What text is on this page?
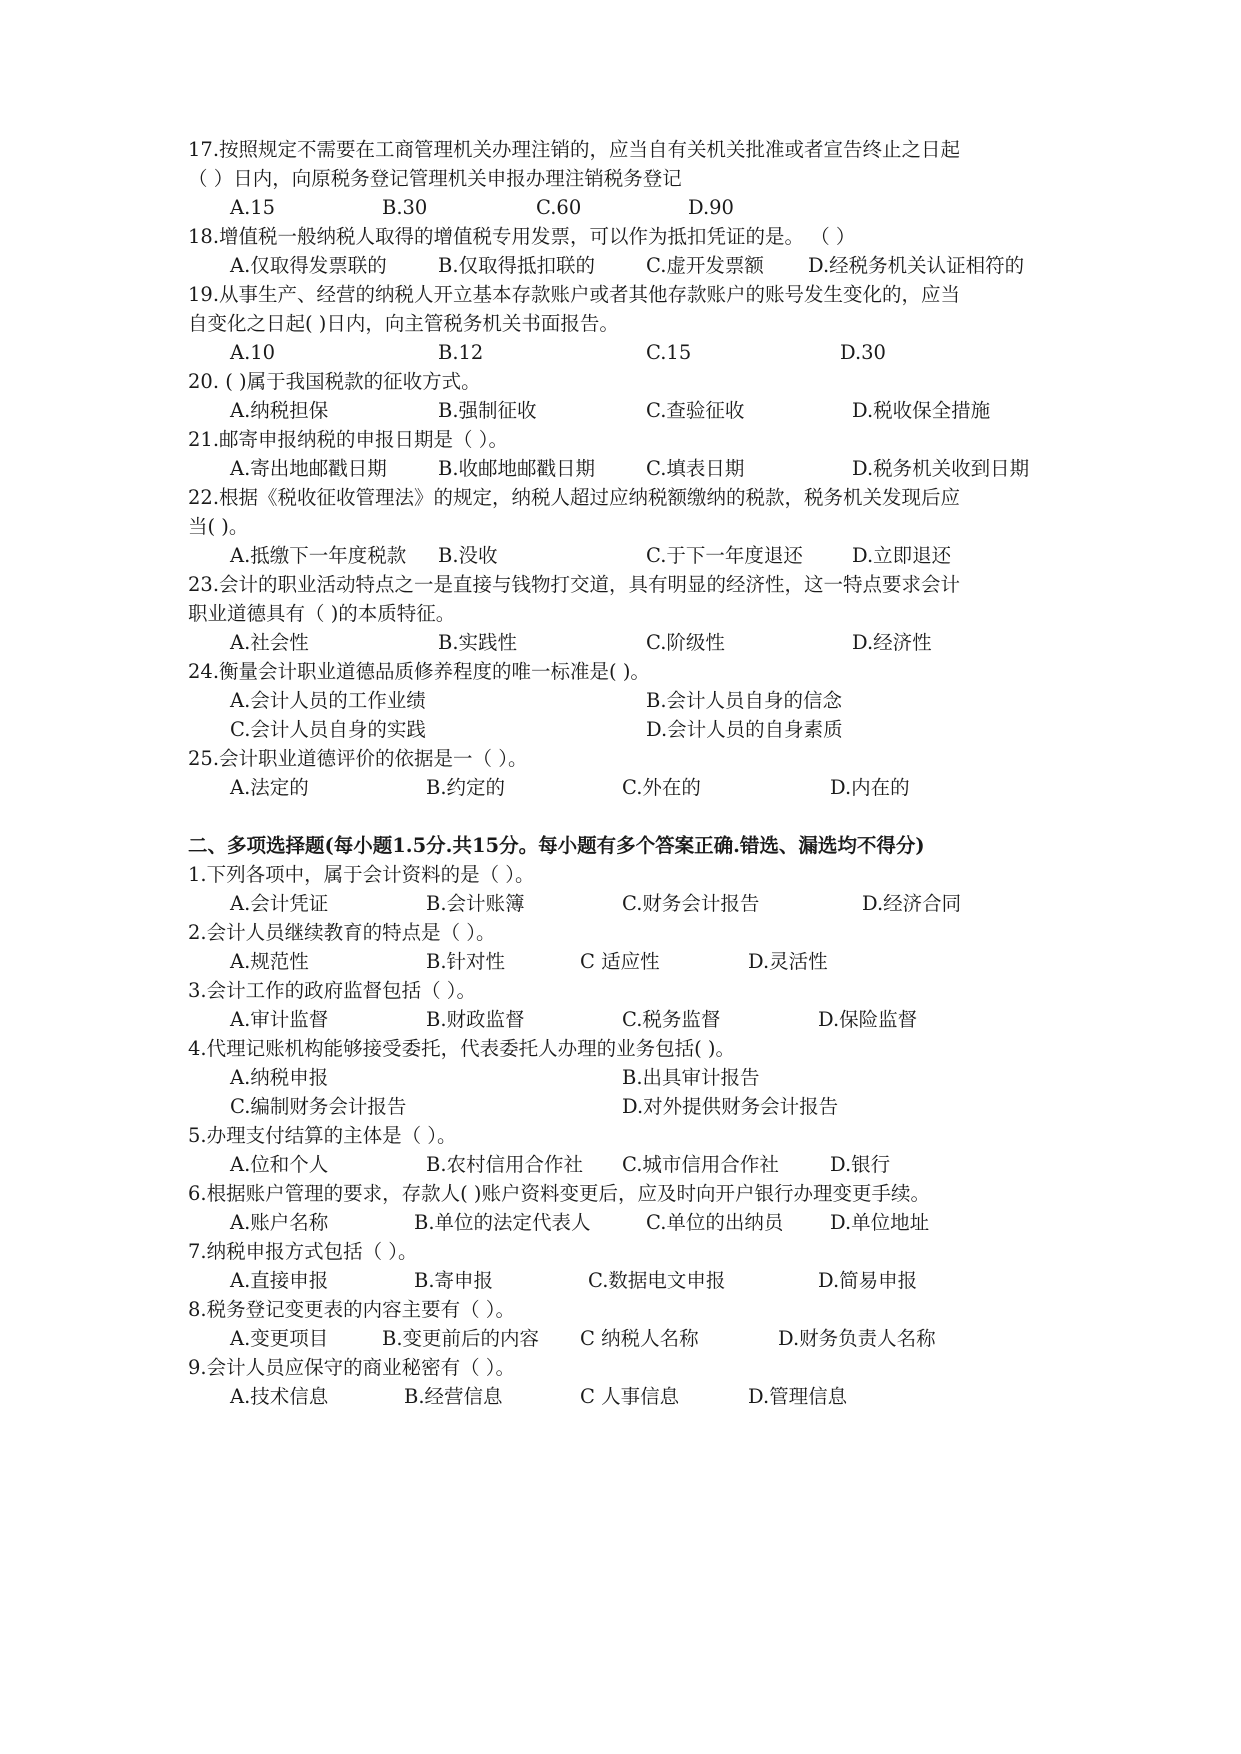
17.按照规定不需要在工商管理机关办理注销的，应当自有关机关批准或者宣告终止之日起
（ ）日内，向原税务登记管理机关申报办理注销税务登记
A.15	B.30	C.60	D.90
18.增值税一般纳税人取得的增值税专用发票，可以作为抵扣凭证的是。 （ ）
A.仅取得发票联的	B.仅取得抵扣联的	C.虚开发票额 D.经税务机关认证相符的
19.从事生产、经营的纳税人开立基本存款账户或者其他存款账户的账号发生变化的，应当
自变化之日起( )日内，向主管税务机关书面报告。
A.10	B.12	C.15	D.30
20. ( )属于我国税款的征收方式。
A.纳税担保	B.强制征收	C.查验征收	D.税收保全措施
21.邮寄申报纳税的申报日期是（ ）。
A.寄出地邮戳日期	B.收邮地邮戳日期	C.填表日期	D.税务机关收到日期
22.根据《税收征收管理法》的规定，纳税人超过应纳税额缴纳的税款，税务机关发现后应
当( )。
A.抵缴下一年度税款 B.没收	C.于下一年度退还	D.立即退还
23.会计的职业活动特点之一是直接与钱物打交道，具有明显的经济性，这一特点要求会计
职业道德具有（ )的本质特征。
A.社会性	B.实践性	C.阶级性	D.经济性
24.衡量会计职业道德品质修养程度的唯一标准是( )。
A.会计人员的工作业绩	B.会计人员自身的信念
C.会计人员自身的实践	D.会计人员的自身素质
25.会计职业道德评价的依据是一（ ）。
A.法定的	B.约定的	C.外在的	D.内在的
二、多项选择题(每小题1.5分.共15分。每小题有多个答案正确.错选、漏选均不得分)
1.下列各项中，属于会计资料的是（ ）。
A.会计凭证	B.会计账簿	C.财务会计报告	D.经济合同
2.会计人员继续教育的特点是（ ）。
A.规范性	B.针对性	C 适应性	D.灵活性
3.会计工作的政府监督包括（ ）。
A.审计监督	B.财政监督	C.税务监督	D.保险监督
4.代理记账机构能够接受委托，代表委托人办理的业务包括( )。
A.纳税申报	B.出具审计报告
C.编制财务会计报告	D.对外提供财务会计报告
5.办理支付结算的主体是（ ）。
A.位和个人	B.农村信用合作社 C.城市信用合作社	D.银行
6.根据账户管理的要求，存款人( )账户资料变更后，应及时向开户银行办理变更手续。
A.账户名称	B.单位的法定代表人	C.单位的出纳员 D.单位地址
7.纳税申报方式包括（ ）。
A.直接申报	B.寄申报	C.数据电文申报	D.简易申报
8.税务登记变更表的内容主要有（ ）。
A.变更项目	B.变更前后的内容 C 纳税人名称	D.财务负责人名称
9.会计人员应保守的商业秘密有（ ）。
A.技术信息	B.经营信息	C 人事信息	D.管理信息
